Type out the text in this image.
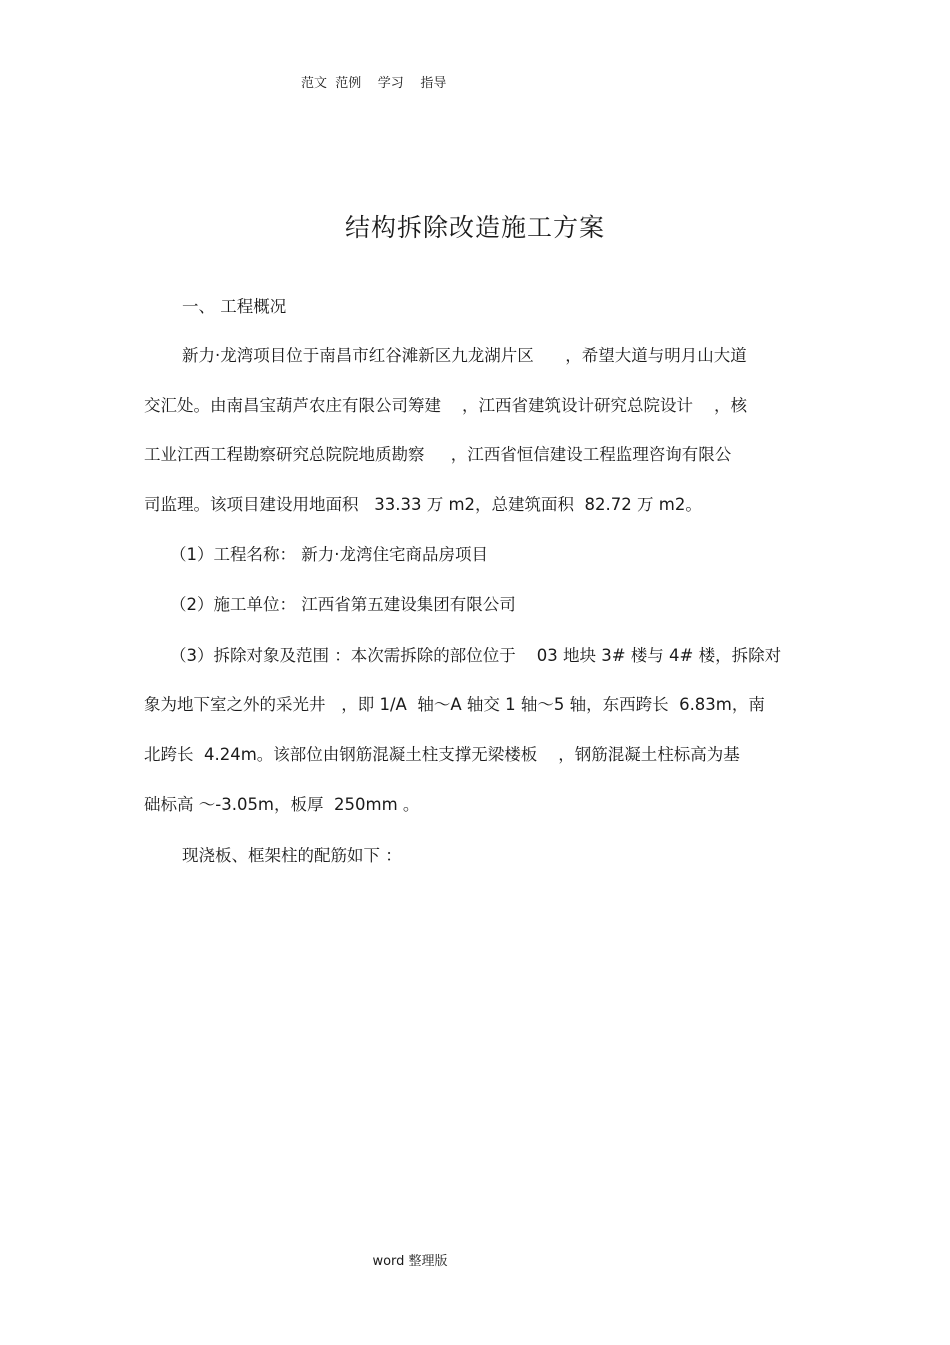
范文  范例    学习    指导
结构拆除改造施工方案
一、 工程概况
新力·龙湾项目位于南昌市红谷滩新区九龙湖片区      ，希望大道与明月山大道
交汇处。由南昌宝葫芦农庄有限公司筹建    ，江西省建筑设计研究总院设计    ，核
工业江西工程勘察研究总院院地质勘察     ，江西省恒信建设工程监理咨询有限公
司监理。该项目建设用地面积   33.33 万 m2，总建筑面积  82.72 万 m2。
（1）工程名称： 新力·龙湾住宅商品房项目
（2）施工单位： 江西省第五建设集团有限公司
（3）拆除对象及范围 ：本次需拆除的部位位于    03 地块 3# 楼与 4# 楼，拆除对
象为地下室之外的采光井   ，即 1/A  轴～A 轴交 1 轴～5 轴，东西跨长  6.83m，南
北跨长  4.24m。该部位由钢筋混凝土柱支撑无梁楼板    ，钢筋混凝土柱标高为基
础标高 ～-3.05m，板厚  250mm 。
现浇板、框架柱的配筋如下 ：
word 整理版
